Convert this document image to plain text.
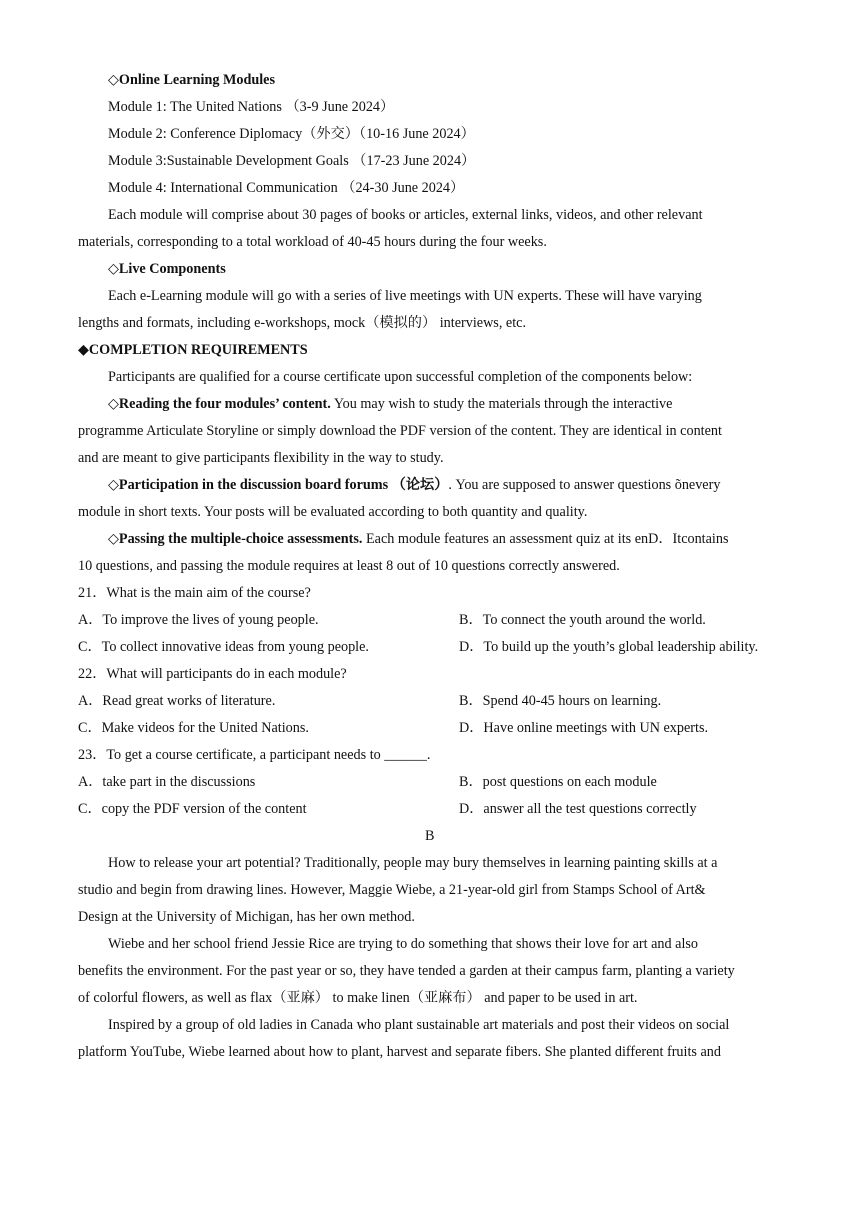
◇Online Learning Modules
Module 1: The United Nations （3-9 June 2024）
Module 2: Conference Diplomacy（外交）（10-16 June 2024）
Module 3:Sustainable Development Goals （17-23 June 2024）
Module 4: International Communication （24-30 June 2024）
Each module will comprise about 30 pages of books or articles, external links, videos, and other relevant
materials, corresponding to a total workload of 40-45 hours during the four weeks.
◇Live Components
Each e-Learning module will go with a series of live meetings with UN experts. These will have varying
lengths and formats, including e-workshops, mock（模拟的） interviews, etc.
◆COMPLETION REQUIREMENTS
Participants are qualified for a course certificate upon successful completion of the components below:
◇Reading the four modules’ content. You may wish to study the materials through the interactive
programme Articulate Storyline or simply download the PDF version of the content. They are identical in content
and are meant to give participants flexibility in the way to study.
◇Participation in the discussion board forums （论坛）. You are supposed to answer questions õnevery
module in short texts. Your posts will be evaluated according to both quantity and quality.
◇Passing the multiple-choice assessments. Each module features an assessment quiz at its enD．Itcontains
10 questions, and passing the module requires at least 8 out of 10 questions correctly answered.
21．What is the main aim of the course?
A．To improve the lives of young people.	B．To connect the youth around the world.
C．To collect innovative ideas from young people.	D．To build up the youth’s global leadership ability.
22．What will participants do in each module?
A．Read great works of literature.	B．Spend 40-45 hours on learning.
C．Make videos for the United Nations.	D．Have online meetings with UN experts.
23．To get a course certificate, a participant needs to ______.
A．take part in the discussions	B．post questions on each module
C．copy the PDF version of the content	D．answer all the test questions correctly
B
How to release your art potential? Traditionally, people may bury themselves in learning painting skills at a
studio and begin from drawing lines. However, Maggie Wiebe, a 21-year-old girl from Stamps School of Art&
Design at the University of Michigan, has her own method.
Wiebe and her school friend Jessie Rice are trying to do something that shows their love for art and also
benefits the environment. For the past year or so, they have tended a garden at their campus farm, planting a variety
of colorful flowers, as well as flax（亚麻） to make linen（亚麻布） and paper to be used in art.
Inspired by a group of old ladies in Canada who plant sustainable art materials and post their videos on social
platform YouTube, Wiebe learned about how to plant, harvest and separate fibers. She planted different fruits and
